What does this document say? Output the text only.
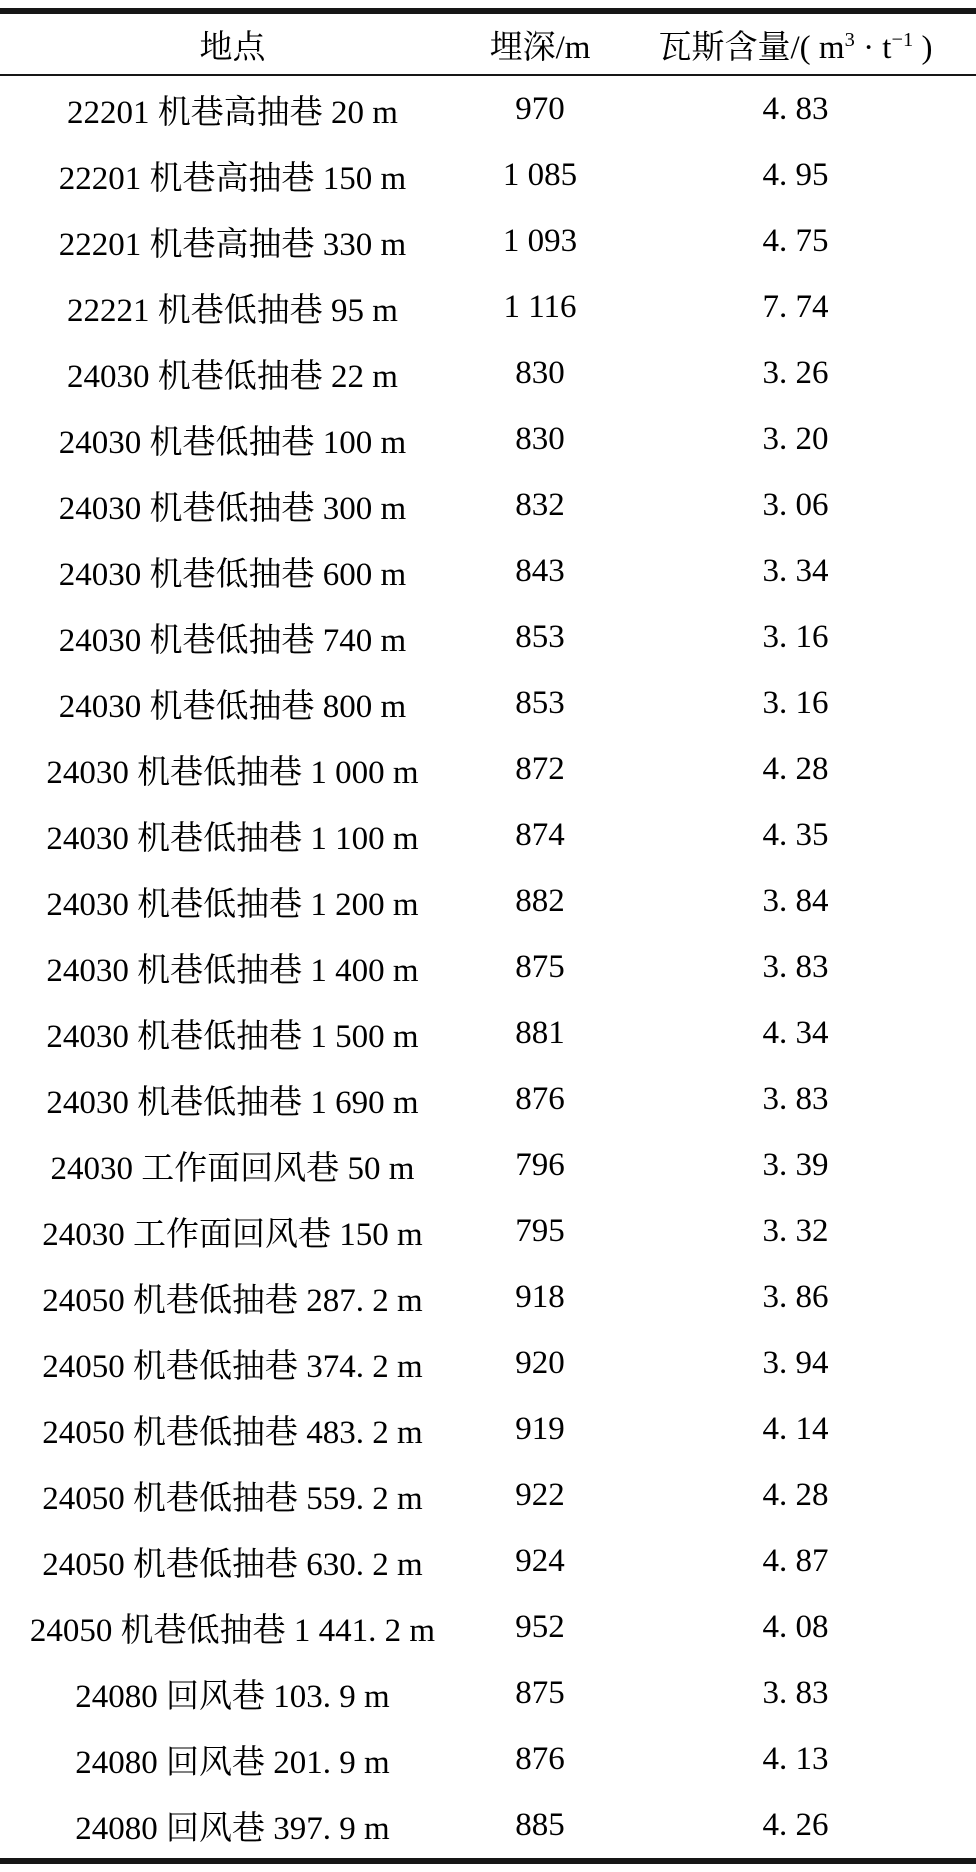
地点	埋深/m	瓦斯含量/( $m^3 \cdot t^{-1}$ )
22201 机巷高抽巷 20 m	970	4. 83
22201 机巷高抽巷 150 m	1 085	4. 95
22201 机巷高抽巷 330 m	1 093	4. 75
22221 机巷低抽巷 95 m	1 116	7. 74
24030 机巷低抽巷 22 m	830	3. 26
24030 机巷低抽巷 100 m	830	3. 20
24030 机巷低抽巷 300 m	832	3. 06
24030 机巷低抽巷 600 m	843	3. 34
24030 机巷低抽巷 740 m	853	3. 16
24030 机巷低抽巷 800 m	853	3. 16
24030 机巷低抽巷 1 000 m	872	4. 28
24030 机巷低抽巷 1 100 m	874	4. 35
24030 机巷低抽巷 1 200 m	882	3. 84
24030 机巷低抽巷 1 400 m	875	3. 83
24030 机巷低抽巷 1 500 m	881	4. 34
24030 机巷低抽巷 1 690 m	876	3. 83
24030 工作面回风巷 50 m	796	3. 39
24030 工作面回风巷 150 m	795	3. 32
24050 机巷低抽巷 287. 2 m	918	3. 86
24050 机巷低抽巷 374. 2 m	920	3. 94
24050 机巷低抽巷 483. 2 m	919	4. 14
24050 机巷低抽巷 559. 2 m	922	4. 28
24050 机巷低抽巷 630. 2 m	924	4. 87
24050 机巷低抽巷 1 441. 2 m	952	4. 08
24080 回风巷 103. 9 m	875	3. 83
24080 回风巷 201. 9 m	876	4. 13
24080 回风巷 397. 9 m	885	4. 26
